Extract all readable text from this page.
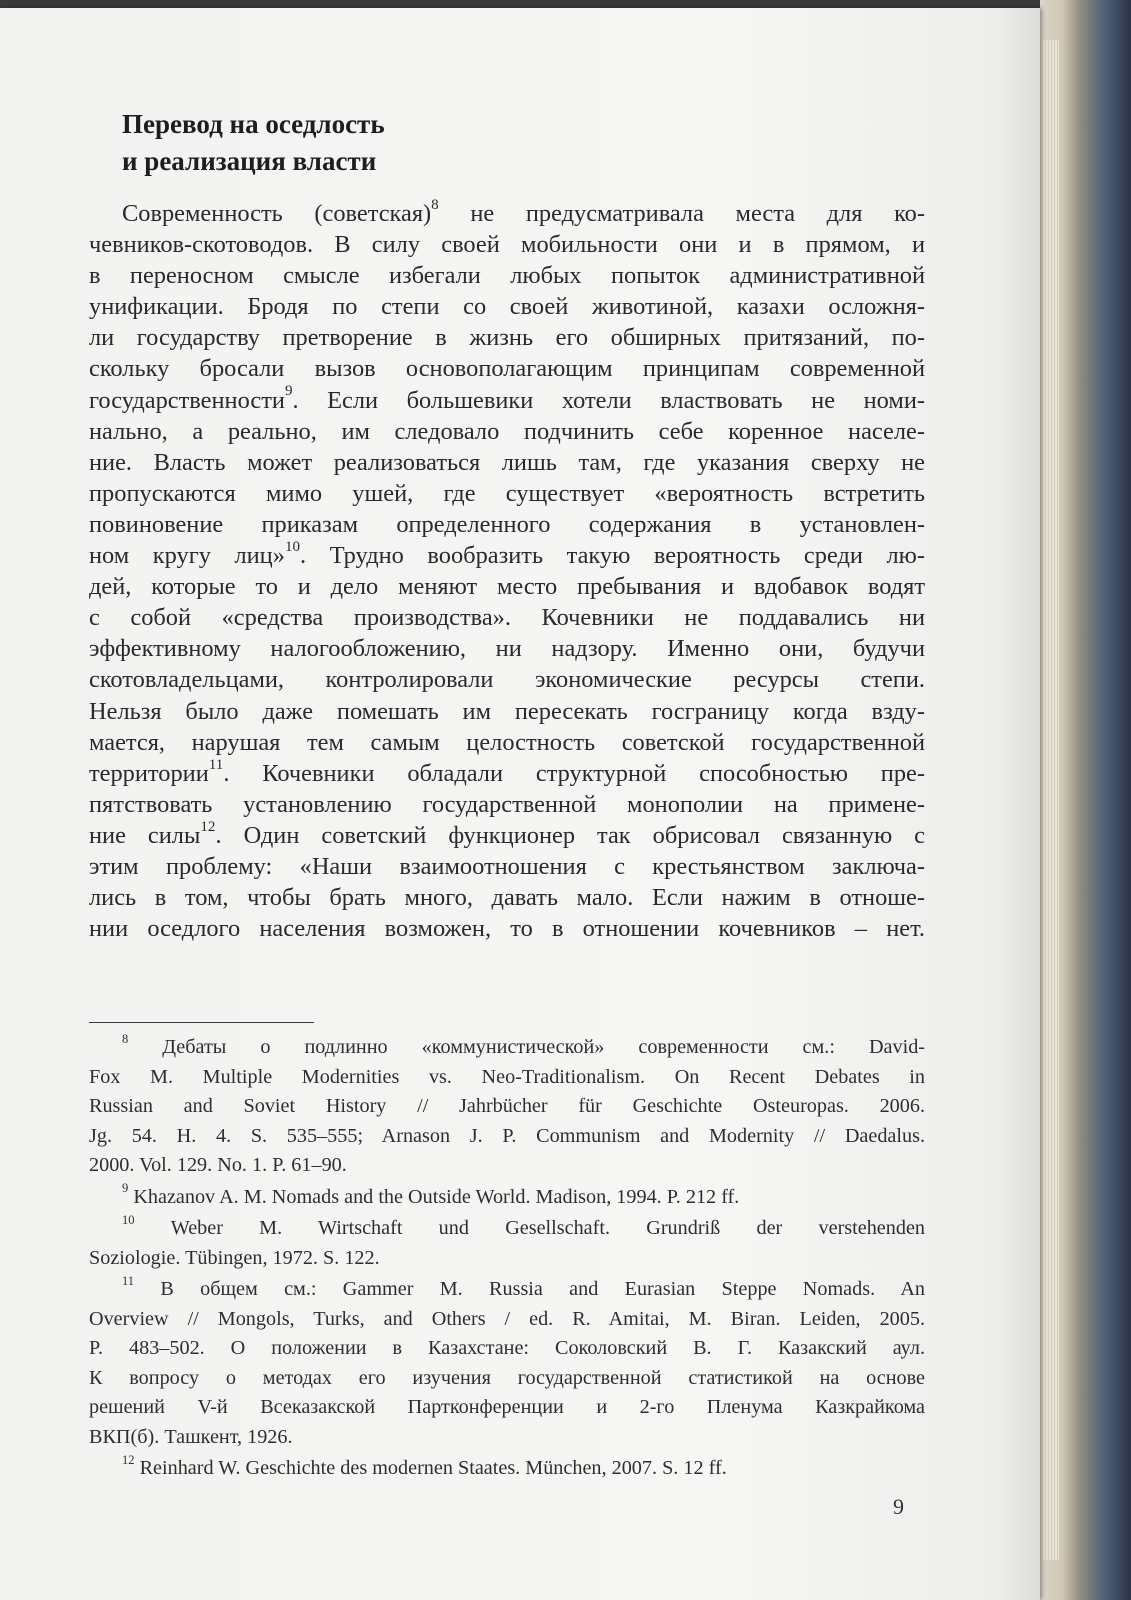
Перевод на оседлость
и реализация власти
Современность (советская)$^8$ не предусматривала места для ко-
чевников-скотоводов. В силу своей мобильности они и в прямом, и
в переносном смысле избегали любых попыток административной
унификации. Бродя по степи со своей животиной, казахи осложня-
ли государству претворение в жизнь его обширных притязаний, по-
скольку бросали вызов основополагающим принципам современной
государственности$^9$. Если большевики хотели властвовать не номи-
нально, а реально, им следовало подчинить себе коренное населе-
ние. Власть может реализоваться лишь там, где указания сверху не
пропускаются мимо ушей, где существует «вероятность встретить
повиновение приказам определенного содержания в установлен-
ном кругу лиц»$^{10}$. Трудно вообразить такую вероятность среди лю-
дей, которые то и дело меняют место пребывания и вдобавок водят
с собой «средства производства». Кочевники не поддавались ни
эффективному налогообложению, ни надзору. Именно они, будучи
скотовладельцами, контролировали экономические ресурсы степи.
Нельзя было даже помешать им пересекать госграницу когда взду-
мается, нарушая тем самым целостность советской государственной
территории$^{11}$. Кочевники обладали структурной способностью пре-
пятствовать установлению государственной монополии на примене-
ние силы$^{12}$. Один советский функционер так обрисовал связанную с
этим проблему: «Наши взаимоотношения с крестьянством заключа-
лись в том, чтобы брать много, давать мало. Если нажим в отноше-
нии оседлого населения возможен, то в отношении кочевников – нет.
$^8$ Дебаты о подлинно «коммунистической» современности см.: David-
Fox M. Multiple Modernities vs. Neo-Traditionalism. On Recent Debates in
Russian and Soviet History // Jahrbücher für Geschichte Osteuropas. 2006.
Jg. 54. H. 4. S. 535–555; Arnason J. P. Communism and Modernity // Daedalus.
2000. Vol. 129. No. 1. P. 61–90.
$^9$ Khazanov A. M. Nomads and the Outside World. Madison, 1994. P. 212 ff.
$^{10}$ Weber M. Wirtschaft und Gesellschaft. Grundriß der verstehenden
Soziologie. Tübingen, 1972. S. 122.
$^{11}$ В общем см.: Gammer M. Russia and Eurasian Steppe Nomads. An
Overview // Mongols, Turks, and Others / ed. R. Amitai, M. Biran. Leiden, 2005.
P. 483–502. О положении в Казахстане: Соколовский В. Г. Казакский аул.
К вопросу о методах его изучения государственной статистикой на основе
решений V-й Всеказакской Партконференции и 2-го Пленума Казкрайкома
ВКП(б). Ташкент, 1926.
$^{12}$ Reinhard W. Geschichte des modernen Staates. München, 2007. S. 12 ff.
9
